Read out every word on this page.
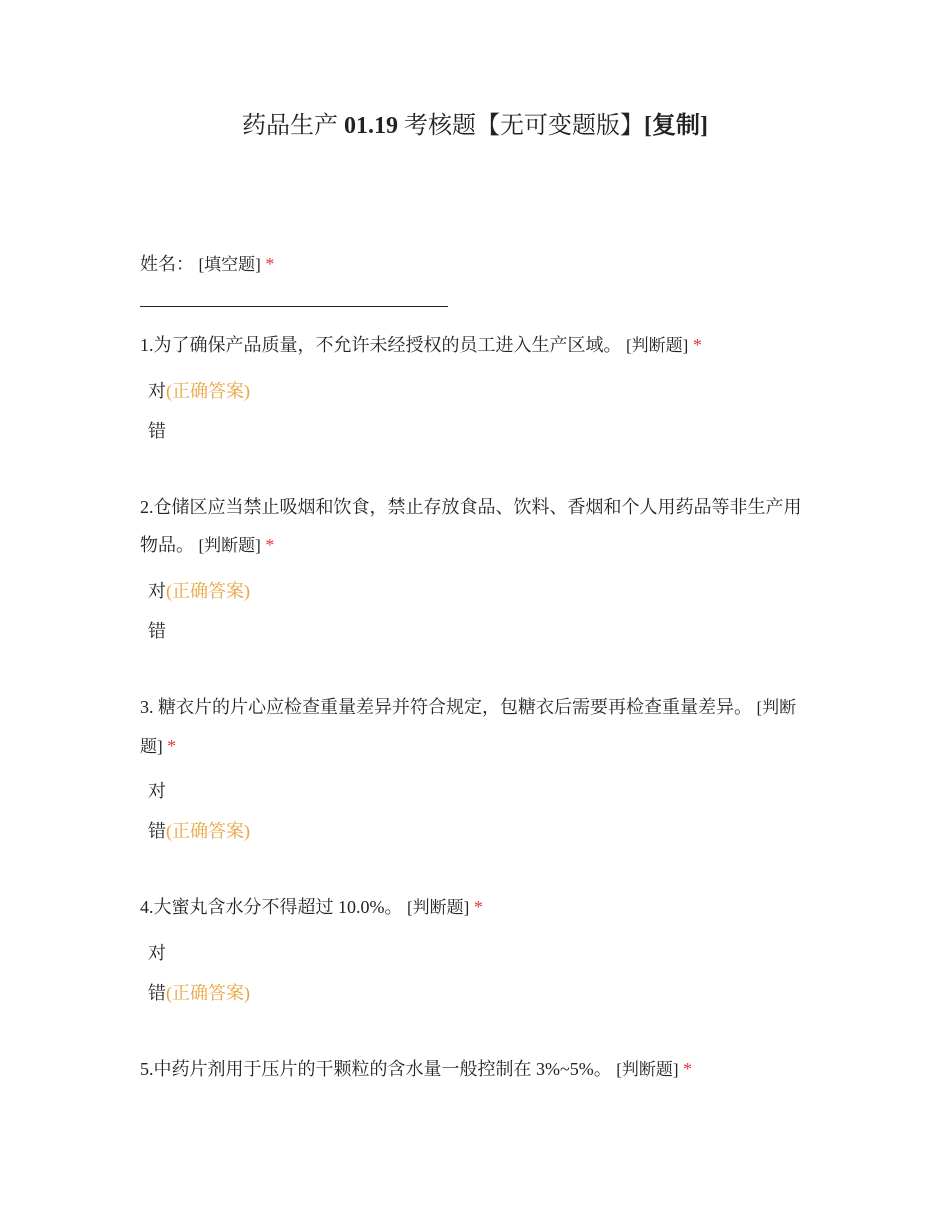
药品生产 01.19 考核题【无可变题版】[复制]
姓名： [填空题] *
1.为了确保产品质量，不允许未经授权的员工进入生产区域。 [判断题] *
对(正确答案)
错
2.仓储区应当禁止吸烟和饮食，禁止存放食品、饮料、香烟和个人用药品等非生产用物品。 [判断题] *
对(正确答案)
错
3. 糖衣片的片心应检查重量差异并符合规定，包糖衣后需要再检查重量差异。 [判断题] *
对
错(正确答案)
4.大蜜丸含水分不得超过 10.0%。 [判断题] *
对
错(正确答案)
5.中药片剂用于压片的干颗粒的含水量一般控制在 3%~5%。 [判断题] *
